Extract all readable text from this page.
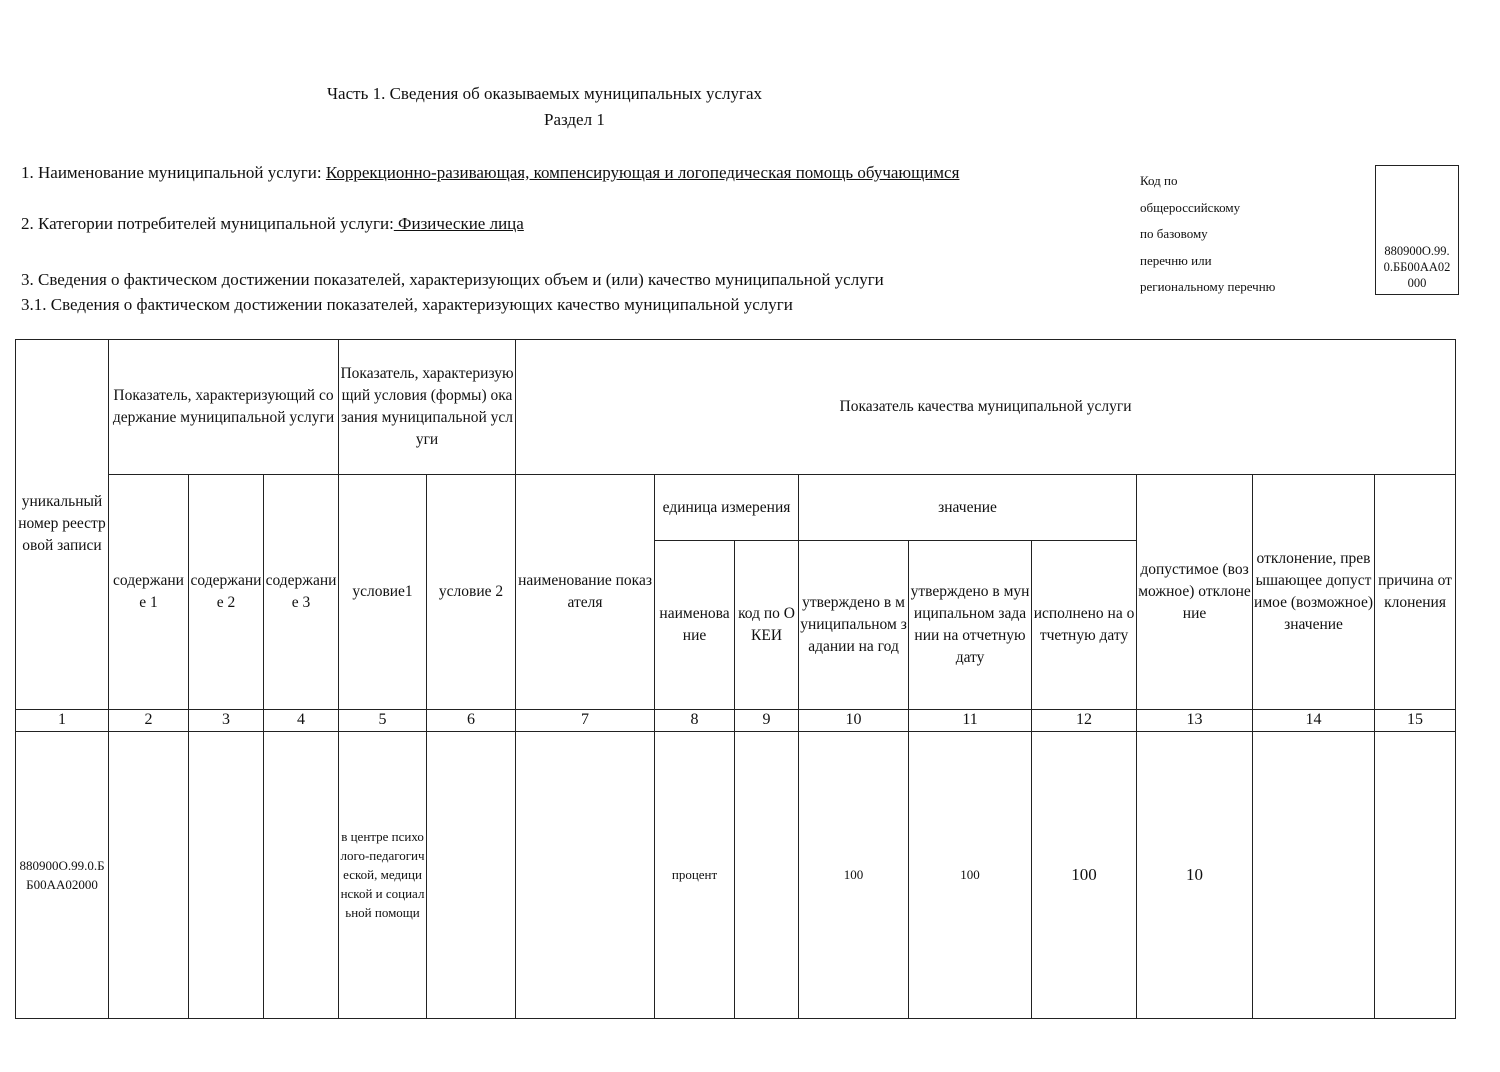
Часть 1. Сведения об оказываемых муниципальных услугах
Раздел 1
1. Наименование муниципальной услуги: Коррекционно-разивающая, компенсирующая и логопедическая помощь обучающимся
2. Категории потребителей муниципальной услуги: Физические лица
3. Сведения о фактическом достижении показателей, характеризующих объем и (или) качество муниципальной услуги
3.1. Сведения о фактическом достижении показателей, характеризующих качество муниципальной услуги
Код по
общероссийскому
по базовому
перечню или
региональному перечню
880900О.99.
0.ББ00АА02
000
уникальный номер реестровой записи	Показатель, характеризующий содержание муниципальной услуги			Показатель, характеризующий условия (формы) оказания муниципальной услуги		Показатель качества муниципальной услуги								
	содержание 1	содержание 2	содержание 3	условие1	условие 2	наименование показателя	единица измерения		значение			допустимое (возможное) отклонение	отклонение, превышающее допустимое (возможное) значение	причина отклонения
							наименование	код по ОКЕИ	утверждено в муниципальном задании на год	утверждено в муниципальном задании на отчетную дату	исполнено на отчетную дату			
1	2	3	4	5	6	7	8	9	10	11	12	13	14	15
880900О.99.0.ББ00АА02000				в центре психолого-педагогической, медицинской и социальной помощи			процент		100	100	100	10		
